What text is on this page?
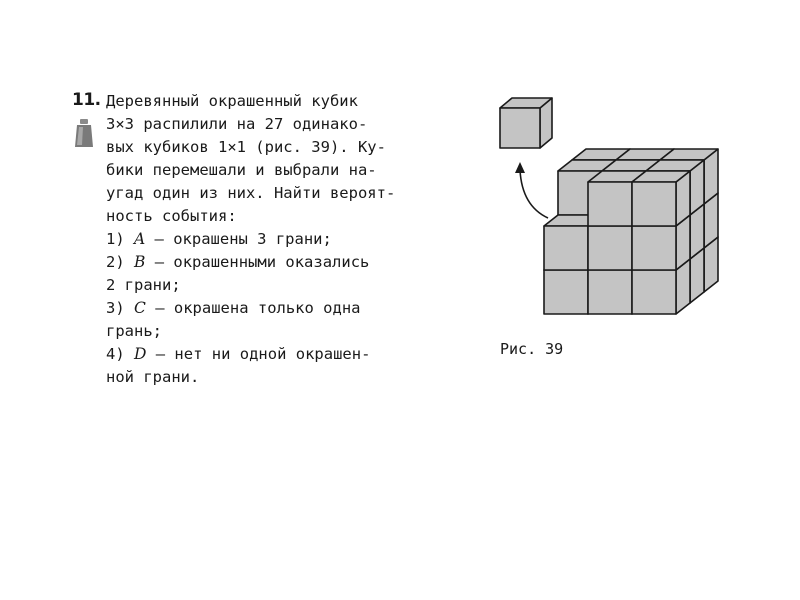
11. Деревянный окрашенный кубик
3×3 распилили на 27 одинако-
вых кубиков 1×1 (рис. 39). Ку-
бики перемешали и выбрали на-
угад один из них. Найти вероят-
ность события:
1) A — окрашены 3 грани;
2) B — окрашенными оказались
2 грани;
3) C — окрашена только одна
грань;
4) D — нет ни одной окрашен-
ной грани.
Рис. 39
